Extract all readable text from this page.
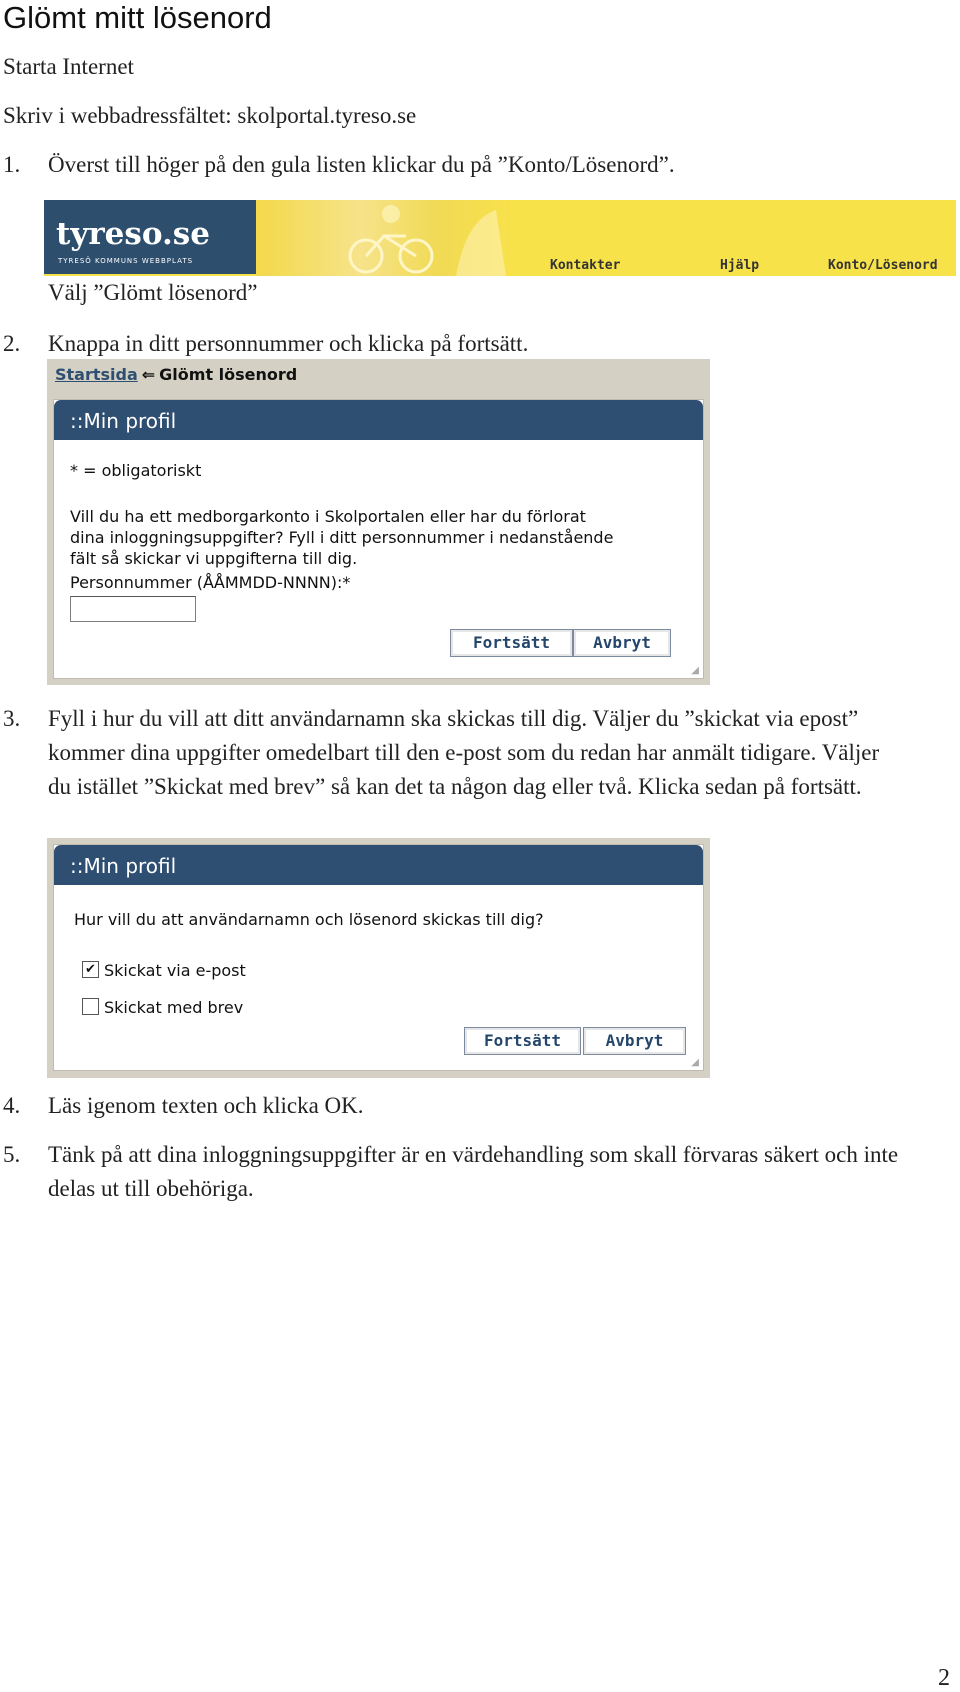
Glömt mitt lösenord
Starta Internet
Skriv i webbadressfältet: skolportal.tyreso.se
1. Överst till höger på den gula listen klickar du på ”Konto/Lösenord”.
tyreso.se
TYRESÖ KOMMUNS WEBBPLATS	Kontakter	Hjälp	Konto/Lösenord
Välj ”Glömt lösenord”
2. Knappa in ditt personnummer och klicka på fortsätt.
Startsida ⇐ Glömt lösenord
::Min profil
* = obligatoriskt
Vill du ha ett medborgarkonto i Skolportalen eller har du förlorat
dina inloggningsuppgifter? Fyll i ditt personnummer i nedanstående
fält så skickar vi uppgifterna till dig.
Personnummer (ÅÅMMDD-NNNN):*
Fortsätt	Avbryt
◢
3. Fyll i hur du vill att ditt användarnamn ska skickas till dig. Väljer du ”skickat via epost” kommer dina uppgifter omedelbart till den e-post som du redan har anmält tidigare. Väljer du istället ”Skickat med brev” så kan det ta någon dag eller två. Klicka sedan på fortsätt.
::Min profil
Hur vill du att användarnamn och lösenord skickas till dig?
✔ Skickat via e-post
Skickat med brev
Fortsätt	Avbryt
◢
4. Läs igenom texten och klicka OK.
5. Tänk på att dina inloggningsuppgifter är en värdehandling som skall förvaras säkert och inte delas ut till obehöriga.
2
